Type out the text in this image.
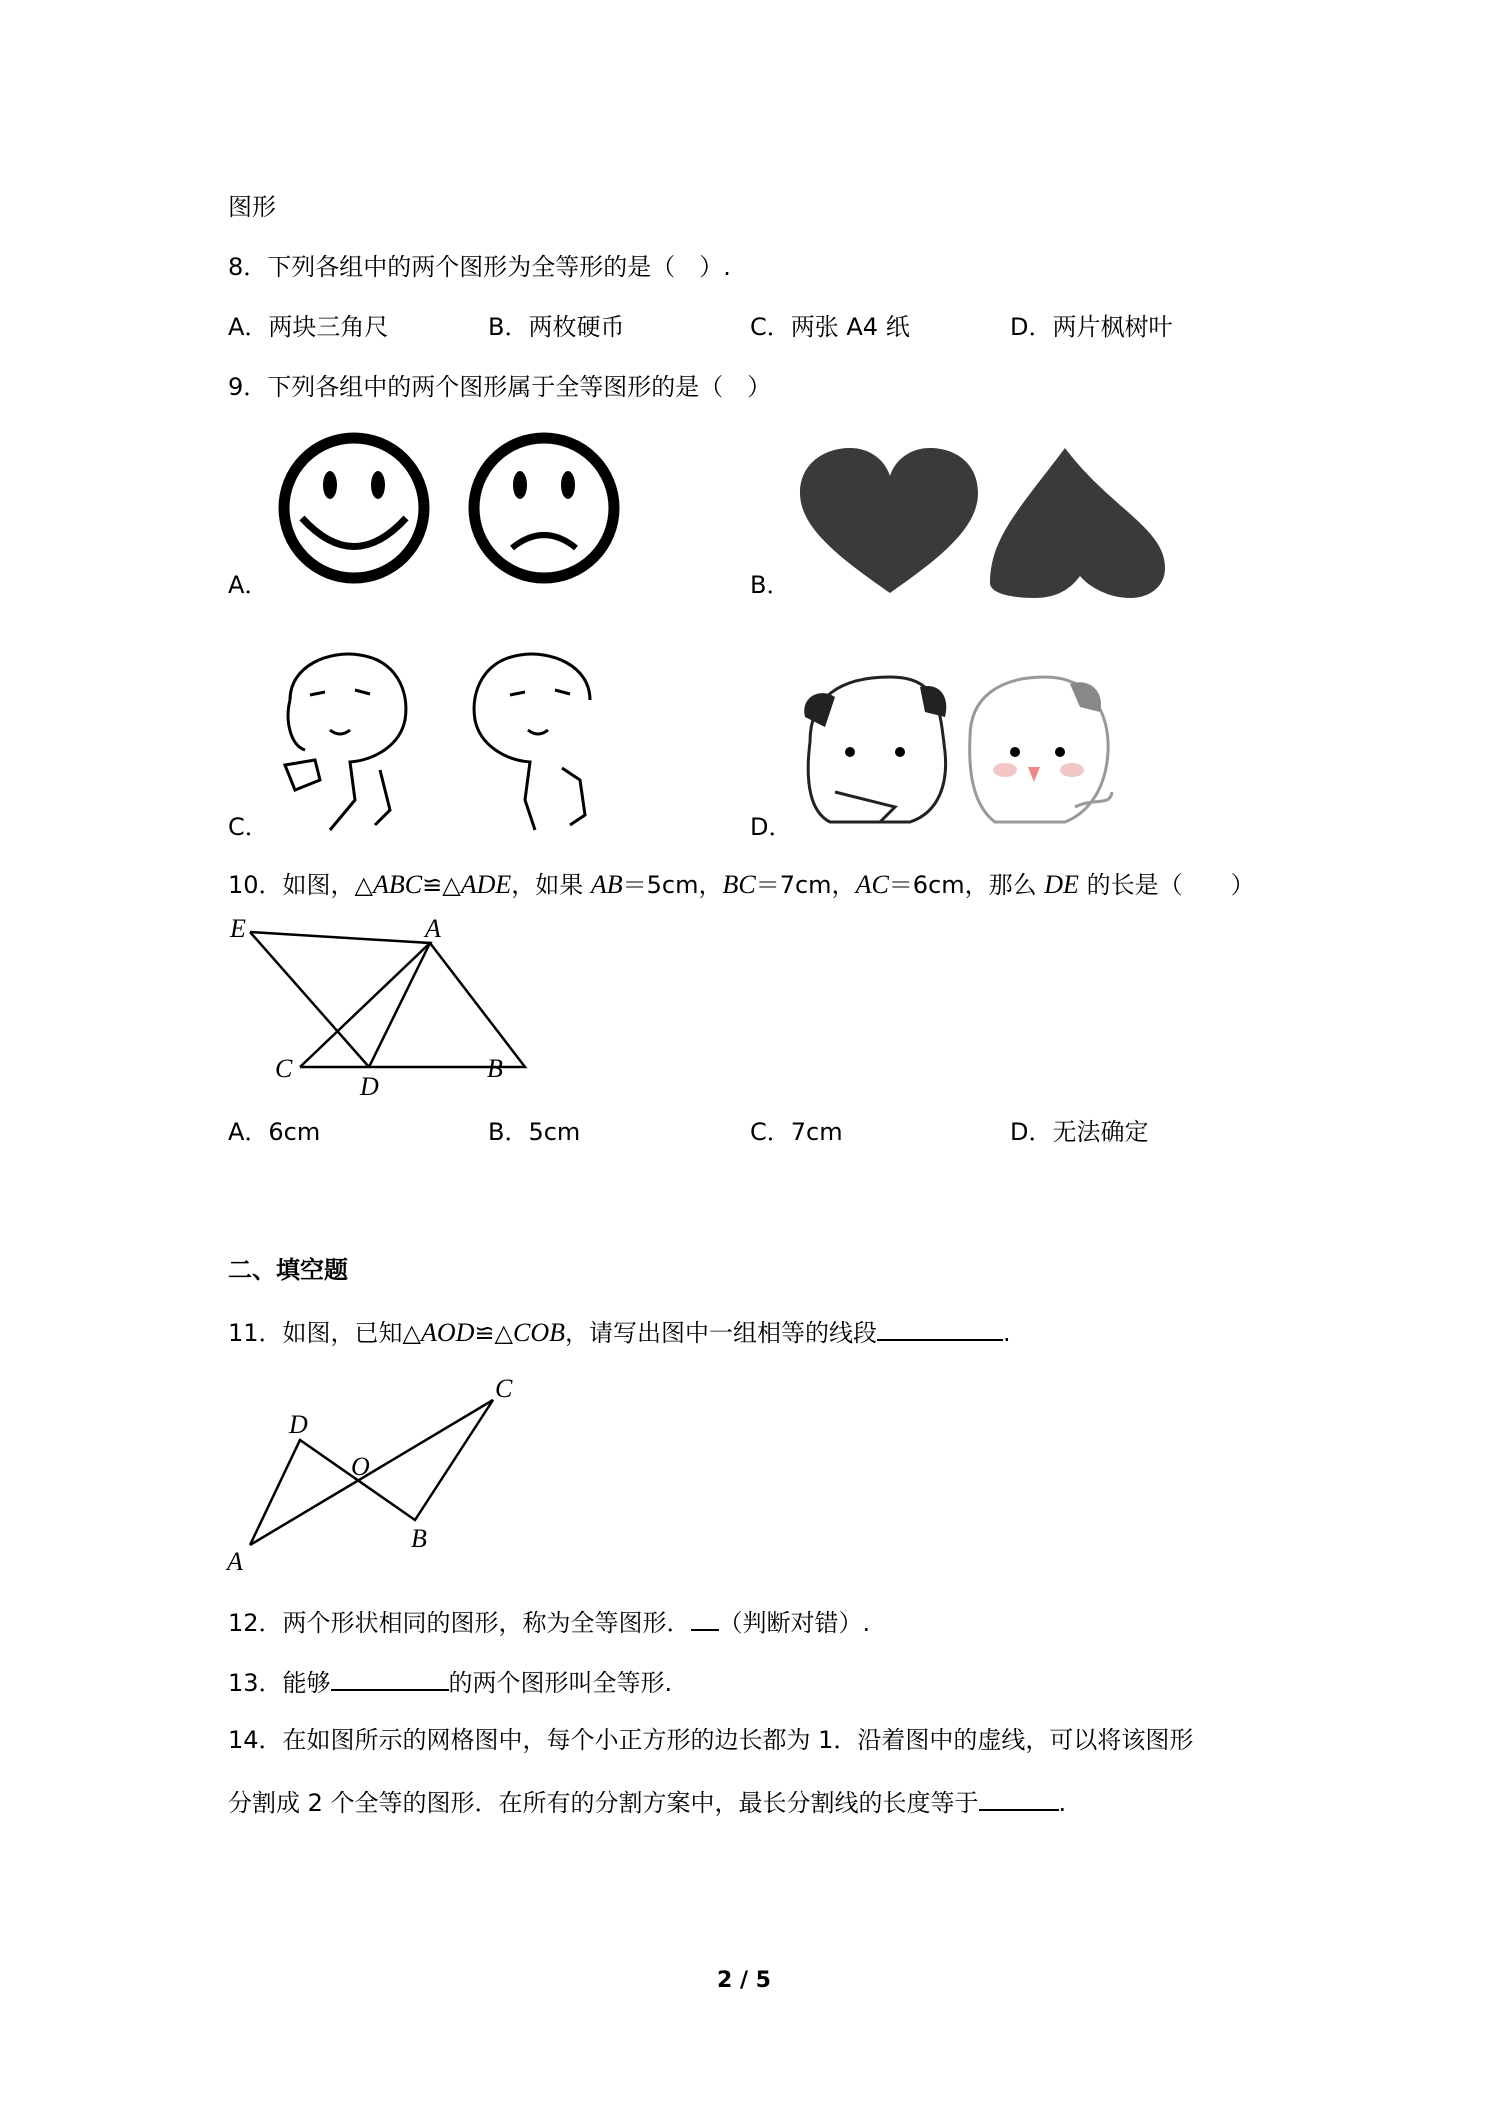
图形
8．下列各组中的两个图形为全等形的是（　）.
A．两块三角尺	B．两枚硬币	C．两张 A4 纸	D．两片枫树叶
9．下列各组中的两个图形属于全等图形的是（　）
A．	B．
C．	D．
10．如图，△ABC≌△ADE，如果 AB＝5cm，BC＝7cm，AC＝6cm，那么 DE 的长是（　　）
E	A
C
D
B
A．6cm	B．5cm	C．7cm	D．无法确定
二、填空题
11．如图，已知△AOD≌△COB，请写出图中一组相等的线段	.
D
O
C
B
A
12．两个形状相同的图形，称为全等图形． （判断对错）.
13．能够	的两个图形叫全等形.
14．在如图所示的网格图中，每个小正方形的边长都为 1．沿着图中的虚线，可以将该图形
分割成 2 个全等的图形．在所有的分割方案中，最长分割线的长度等于	.
2 / 5
